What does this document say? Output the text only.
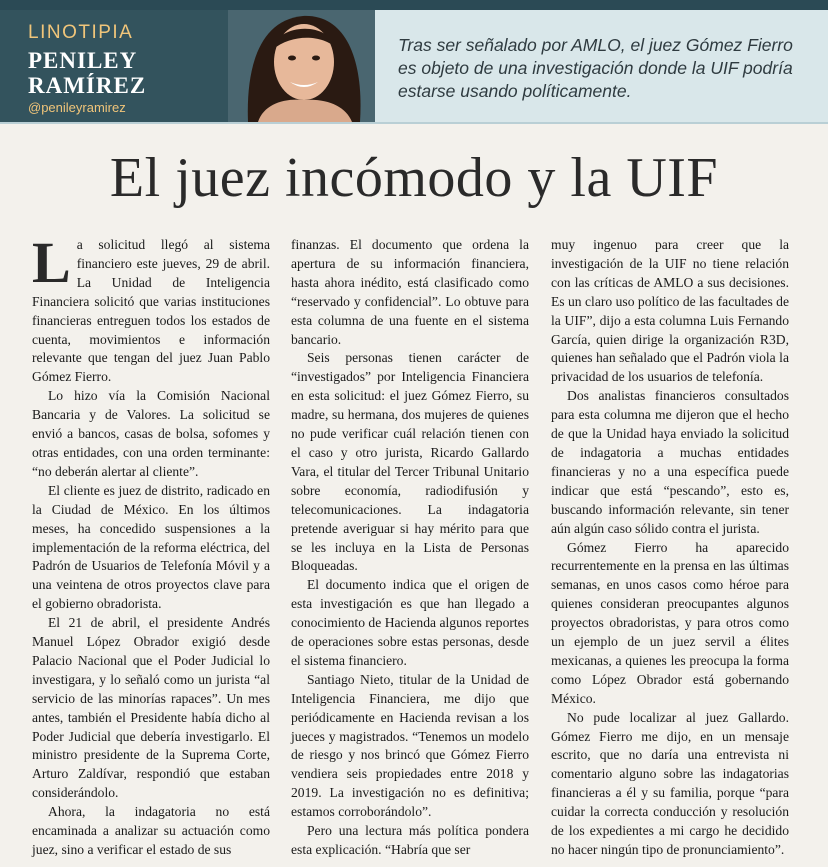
LINOTIPIA
PENILEY RAMÍREZ
@penileyramirez
Tras ser señalado por AMLO, el juez Gómez Fierro es objeto de una investigación donde la UIF podría estarse usando políticamente.
El juez incómodo y la UIF

La solicitud llegó al sistema financiero este jueves, 29 de abril. La Unidad de Inteligencia Financiera solicitó que varias instituciones financieras entreguen todos los estados de cuenta, movimientos e información relevante que tengan del juez Juan Pablo Gómez Fierro.

Lo hizo vía la Comisión Nacional Bancaria y de Valores. La solicitud se envió a bancos, casas de bolsa, sofomes y otras entidades, con una orden terminante: “no deberán alertar al cliente”.

El cliente es juez de distrito, radicado en la Ciudad de México. En los últimos meses, ha concedido suspensiones a la implementación de la reforma eléctrica, del Padrón de Usuarios de Telefonía Móvil y a una veintena de otros proyectos clave para el gobierno obradorista.

El 21 de abril, el presidente Andrés Manuel López Obrador exigió desde Palacio Nacional que el Poder Judicial lo investigara, y lo señaló como un jurista “al servicio de las minorías rapaces”. Un mes antes, también el Presidente había dicho al Poder Judicial que debería investigarlo. El ministro presidente de la Suprema Corte, Arturo Zaldívar, respondió que estaban considerándolo.

Ahora, la indagatoria no está encaminada a analizar su actuación como juez, sino a verificar el estado de sus

finanzas. El documento que ordena la apertura de su información financiera, hasta ahora inédito, está clasificado como “reservado y confidencial”. Lo obtuve para esta columna de una fuente en el sistema bancario.

Seis personas tienen carácter de “investigados” por Inteligencia Financiera en esta solicitud: el juez Gómez Fierro, su madre, su hermana, dos mujeres de quienes no pude verificar cuál relación tienen con el caso y otro jurista, Ricardo Gallardo Vara, el titular del Tercer Tribunal Unitario sobre economía, radiodifusión y telecomunicaciones. La indagatoria pretende averiguar si hay mérito para que se les incluya en la Lista de Personas Bloqueadas.

El documento indica que el origen de esta investigación es que han llegado a conocimiento de Hacienda algunos reportes de operaciones sobre estas personas, desde el sistema financiero.

Santiago Nieto, titular de la Unidad de Inteligencia Financiera, me dijo que periódicamente en Hacienda revisan a los jueces y magistrados. “Tenemos un modelo de riesgo y nos brincó que Gómez Fierro vendiera seis propiedades entre 2018 y 2019. La investigación no es definitiva; estamos corroborándolo”.

Pero una lectura más política pondera esta explicación. “Habría que ser

muy ingenuo para creer que la investigación de la UIF no tiene relación con las críticas de AMLO a sus decisiones. Es un claro uso político de las facultades de la UIF”, dijo a esta columna Luis Fernando García, quien dirige la organización R3D, quienes han señalado que el Padrón viola la privacidad de los usuarios de telefonía.

Dos analistas financieros consultados para esta columna me dijeron que el hecho de que la Unidad haya enviado la solicitud de indagatoria a muchas entidades financieras y no a una específica puede indicar que está “pescando”, esto es, buscando información relevante, sin tener aún algún caso sólido contra el jurista.

Gómez Fierro ha aparecido recurrentemente en la prensa en las últimas semanas, en unos casos como héroe para quienes consideran preocupantes algunos proyectos obradoristas, y para otros como un ejemplo de un juez servil a élites mexicanas, a quienes les preocupa la forma como López Obrador está gobernando México.

No pude localizar al juez Gallardo. Gómez Fierro me dijo, en un mensaje escrito, que no daría una entrevista ni comentario alguno sobre las indagatorias financieras a él y su familia, porque “para cuidar la correcta conducción y resolución de los expedientes a mi cargo he decidido no hacer ningún tipo de pronunciamiento”.
